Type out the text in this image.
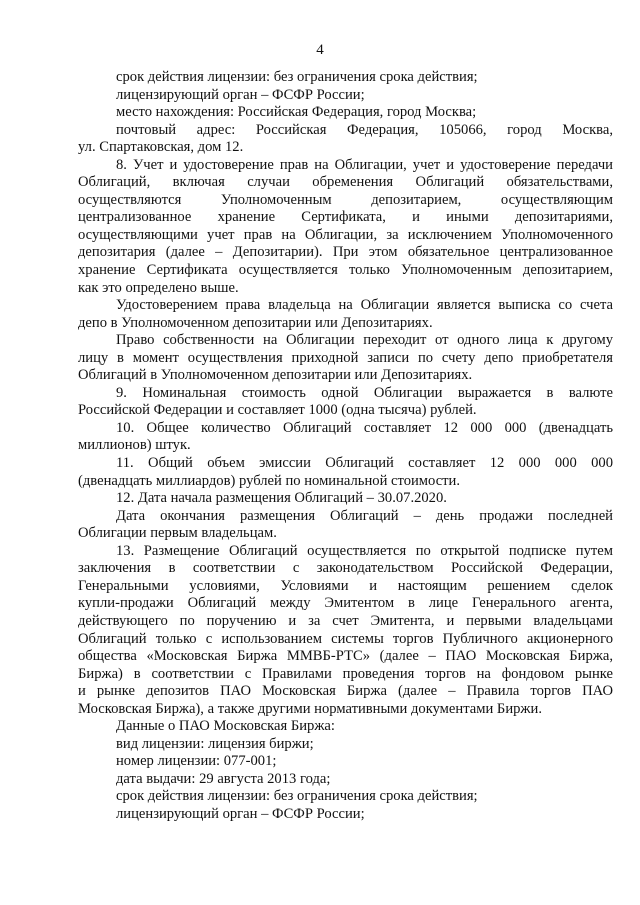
4
срок действия лицензии: без ограничения срока действия;
лицензирующий орган – ФСФР России;
место нахождения: Российская Федерация, город Москва;
почтовый адрес: Российская Федерация, 105066, город Москва,
ул. Спартаковская, дом 12.
8. Учет и удостоверение прав на Облигации, учет и удостоверение передачи
Облигаций, включая случаи обременения Облигаций обязательствами,
осуществляются Уполномоченным депозитарием, осуществляющим
централизованное хранение Сертификата, и иными депозитариями,
осуществляющими учет прав на Облигации, за исключением Уполномоченного
депозитария (далее – Депозитарии). При этом обязательное централизованное
хранение Сертификата осуществляется только Уполномоченным депозитарием,
как это определено выше.
Удостоверением права владельца на Облигации является выписка со счета
депо в Уполномоченном депозитарии или Депозитариях.
Право собственности на Облигации переходит от одного лица к другому
лицу в момент осуществления приходной записи по счету депо приобретателя
Облигаций в Уполномоченном депозитарии или Депозитариях.
9. Номинальная стоимость одной Облигации выражается в валюте
Российской Федерации и составляет 1000 (одна тысяча) рублей.
10. Общее количество Облигаций составляет 12 000 000 (двенадцать
миллионов) штук.
11. Общий объем эмиссии Облигаций составляет 12 000 000 000
(двенадцать миллиардов) рублей по номинальной стоимости.
12. Дата начала размещения Облигаций – 30.07.2020.
Дата окончания размещения Облигаций – день продажи последней
Облигации первым владельцам.
13. Размещение Облигаций осуществляется по открытой подписке путем
заключения в соответствии с законодательством Российской Федерации,
Генеральными условиями, Условиями и настоящим решением сделок
купли-продажи Облигаций между Эмитентом в лице Генерального агента,
действующего по поручению и за счет Эмитента, и первыми владельцами
Облигаций только с использованием системы торгов Публичного акционерного
общества «Московская Биржа ММВБ-РТС» (далее – ПАО Московская Биржа,
Биржа) в соответствии с Правилами проведения торгов на фондовом рынке
и рынке депозитов ПАО Московская Биржа (далее – Правила торгов ПАО
Московская Биржа), а также другими нормативными документами Биржи.
Данные о ПАО Московская Биржа:
вид лицензии: лицензия биржи;
номер лицензии: 077-001;
дата выдачи: 29 августа 2013 года;
срок действия лицензии: без ограничения срока действия;
лицензирующий орган – ФСФР России;
